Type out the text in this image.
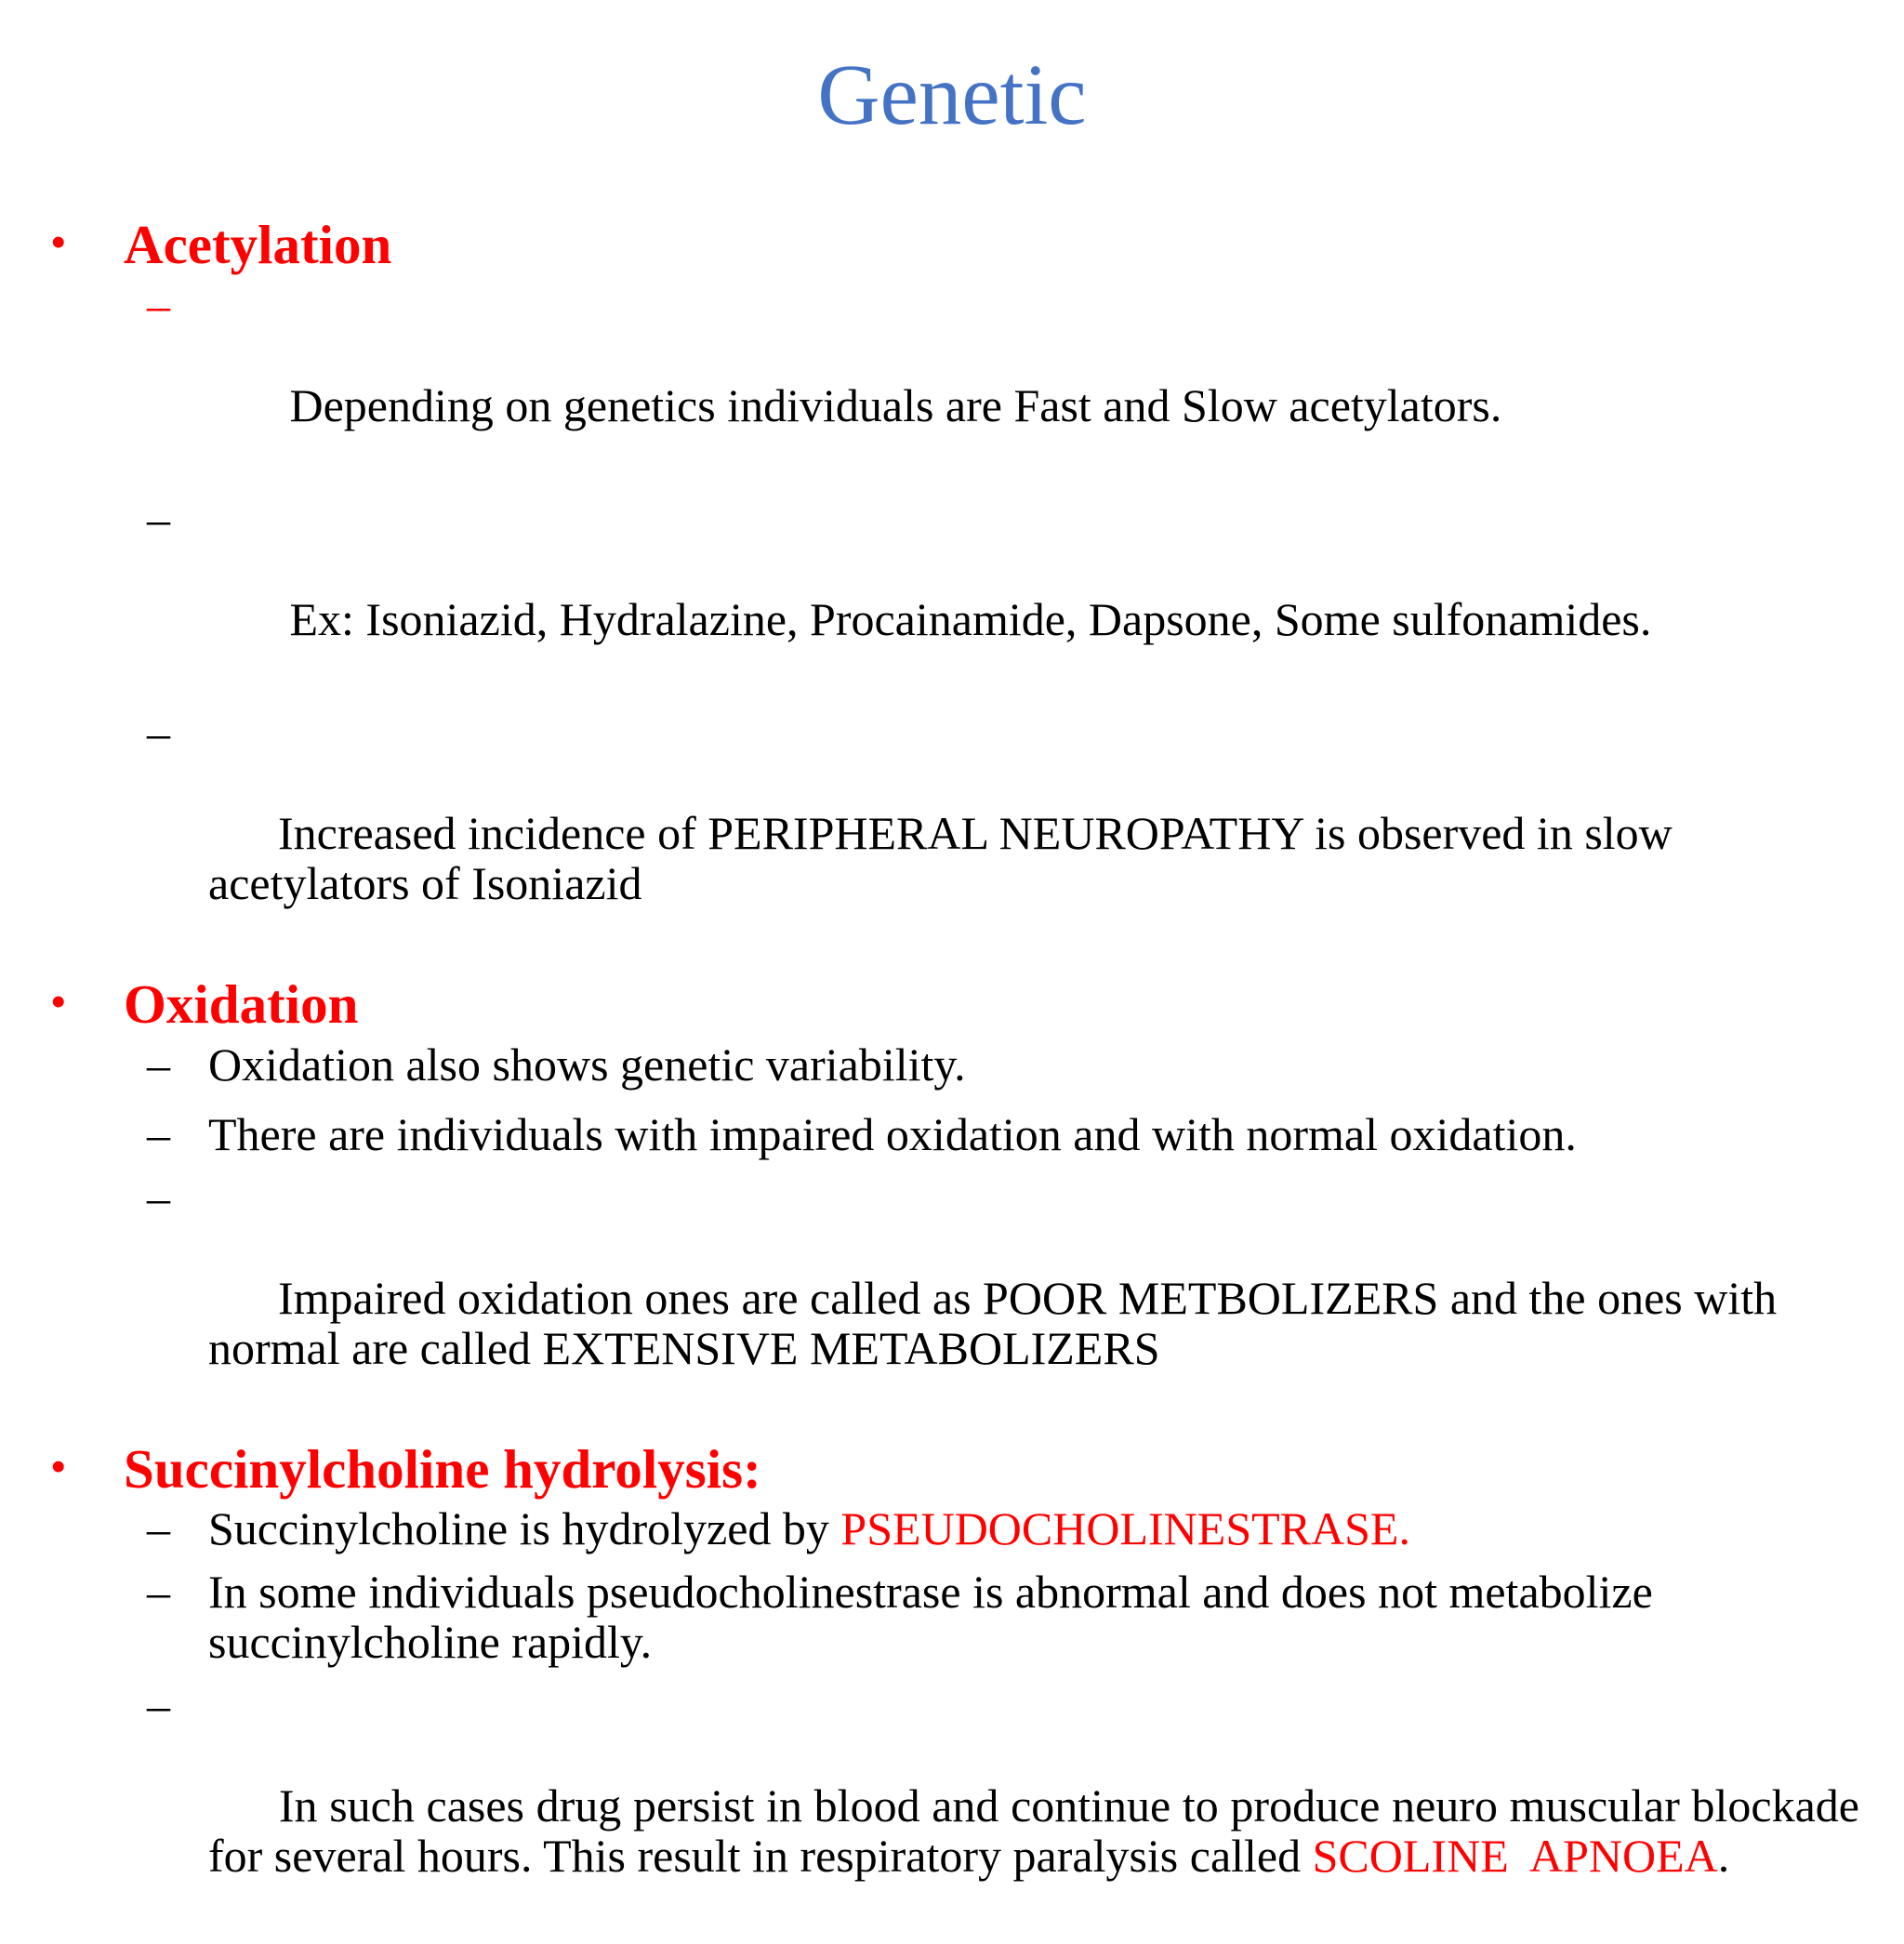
Genetic
• Acetylation

–

Depending on genetics individuals are Fast and Slow acetylators.

–

Ex: Isoniazid, Hydralazine, Procainamide, Dapsone, Some sulfonamides.

–

Increased incidence of PERIPHERAL NEUROPATHY is observed in slow  acetylators of Isoniazid

• Oxidation
– Oxidation also shows genetic variability.
– There are individuals with impaired oxidation and with normal oxidation.

–

Impaired oxidation ones are called as POOR METBOLIZERS and the ones with  normal are called EXTENSIVE METABOLIZERS

• Succinylcholine hydrolysis:
– Succinylcholine is hydrolyzed by PSEUDOCHOLINESTRASE.
– In some individuals pseudocholinestrase is abnormal and does not metabolize succinylcholine rapidly.

–

In such cases drug persist in blood and continue to produce neuro muscular blockade for several hours. This result in respiratory paralysis called SCOLINE  APNOEA.
